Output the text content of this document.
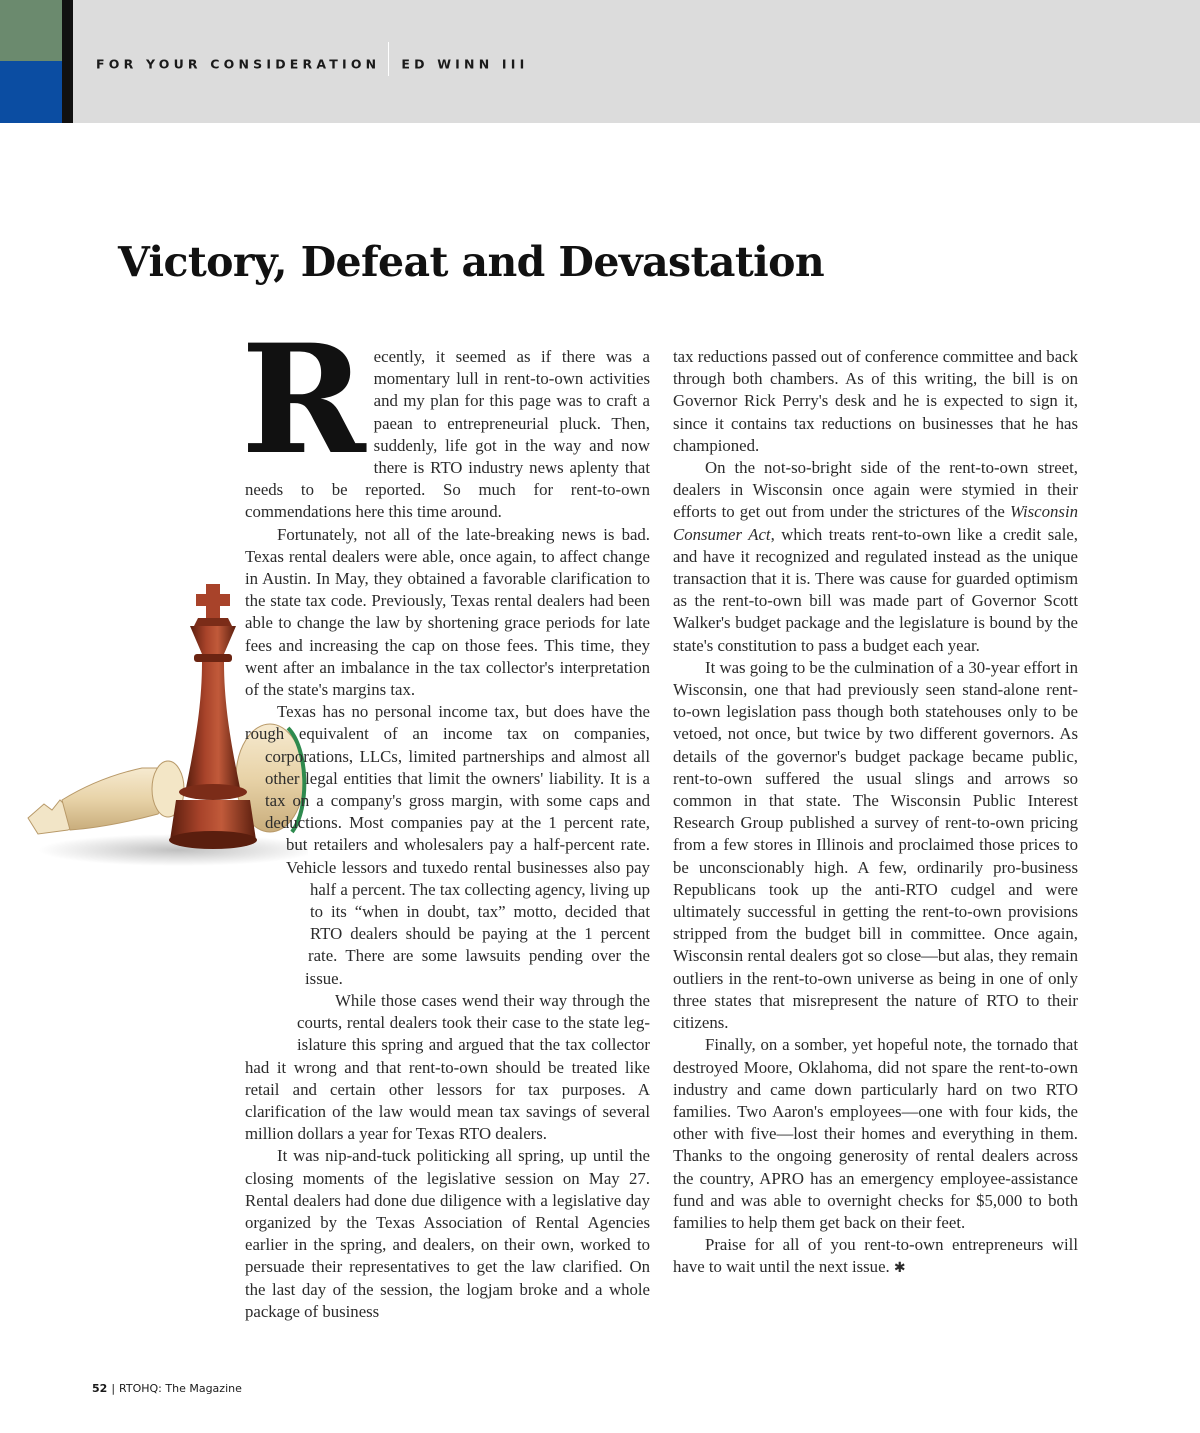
FOR YOUR CONSIDERATION ED WINN III
Victory, Defeat and Devastation
R ecently, it seemed as if there was a momentary lull in rent-to-own activities and my plan for this page was to craft a paean to entrepreneurial pluck. Then, suddenly, life got in the way and now there is RTO industry news aplenty that needs to be reported. So much for rent-to-own commendations here this time around.

Fortunately, not all of the late-breaking news is bad. Texas rental dealers were able, once again, to affect change in Austin. In May, they obtained a favorable clarification to the state tax code. Previously, Texas rental dealers had been able to change the law by shortening grace periods for late fees and increasing the cap on those fees. This time, they went after an imbalance in the tax collector's interpretation of the state's margins tax.

Texas has no personal income tax, but does have the rough equivalent of an income tax on companies, corporations, LLCs, limited partnerships and almost all other legal entities that limit the owners' liability. It is a tax on a company's gross margin, with some caps and deductions. Most companies pay at the 1 percent rate, but retailers and wholesalers pay a half-percent rate. Vehicle lessors and tuxedo rental businesses also pay half a percent. The tax collecting agency, living up to its “when in doubt, tax” motto, decided that RTO dealers should be paying at the 1 percent rate. There are some lawsuits pending over the issue.

While those cases wend their way through the courts, rental dealers took their case to the state legislature this spring and argued that the tax collector had it wrong and that rent-to-own should be treated like retail and certain other lessors for tax purposes. A clarification of the law would mean tax savings of several million dollars a year for Texas RTO dealers.

It was nip-and-tuck politicking all spring, up until the closing moments of the legislative session on May 27. Rental dealers had done due diligence with a legislative day organized by the Texas Association of Rental Agencies earlier in the spring, and dealers, on their own, worked to persuade their representatives to get the law clarified. On the last day of the session, the logjam broke and a whole package of business

tax reductions passed out of conference committee and back through both chambers. As of this writing, the bill is on Governor Rick Perry's desk and he is expected to sign it, since it contains tax reductions on businesses that he has championed.

On the not-so-bright side of the rent-to-own street, dealers in Wisconsin once again were stymied in their efforts to get out from under the strictures of the Wisconsin Consumer Act, which treats rent-to-own like a credit sale, and have it recognized and regulated instead as the unique transaction that it is. There was cause for guarded optimism as the rent-to-own bill was made part of Governor Scott Walker's budget package and the legislature is bound by the state's constitution to pass a budget each year.

It was going to be the culmination of a 30-year effort in Wisconsin, one that had previously seen stand-alone rent-to-own legislation pass though both statehouses only to be vetoed, not once, but twice by two different governors. As details of the governor's budget package became public, rent-to-own suffered the usual slings and arrows so common in that state. The Wisconsin Public Interest Research Group published a survey of rent-to-own pricing from a few stores in Illinois and proclaimed those prices to be unconscionably high. A few, ordinarily pro-business Republicans took up the anti-RTO cudgel and were ultimately successful in getting the rent-to-own provisions stripped from the budget bill in committee. Once again, Wisconsin rental dealers got so close—but alas, they remain outliers in the rent-to-own universe as being in one of only three states that misrepresent the nature of RTO to their citizens.

Finally, on a somber, yet hopeful note, the tornado that destroyed Moore, Oklahoma, did not spare the rent-to-own industry and came down particularly hard on two RTO families. Two Aaron's employees—one with four kids, the other with five—lost their homes and everything in them. Thanks to the ongoing generosity of rental dealers across the country, APRO has an emergency employee-assistance fund and was able to overnight checks for $5,000 to both families to help them get back on their feet.

Praise for all of you rent-to-own entrepreneurs will have to wait until the next issue. ✱

52 | RTOHQ: The Magazine
